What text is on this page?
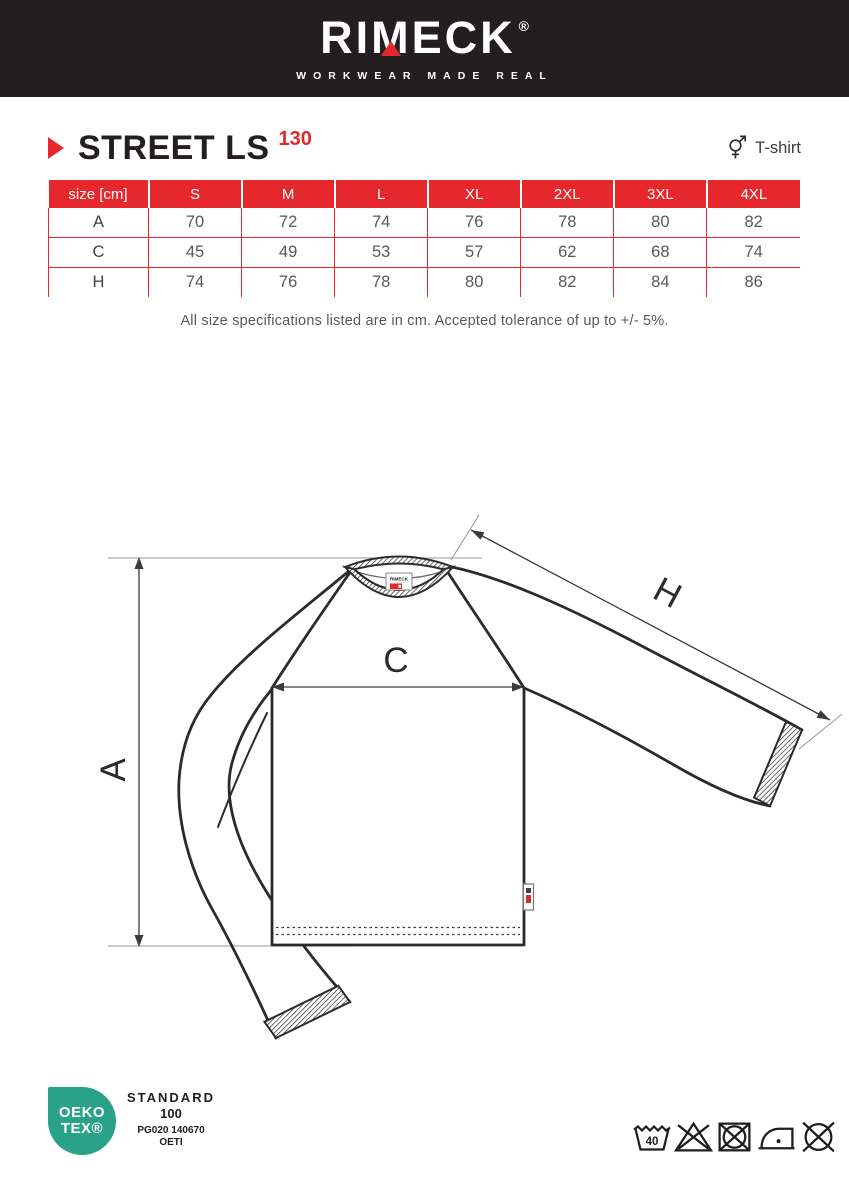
RIM
ECK ®
WORKWEAR MADE REAL
STREET LS 130	T-shirt
size [cm]	S	M	L	XL	2XL	3XL	4XL
A	70	72	74	76	78	80	82
C	45	49	53	57	62	68	74
H	74	76	78	80	82	84	86
All size specifications listed are in cm. Accepted tolerance of up to +/- 5%.
RIMECK
A
C
H
OEKO
TEX®
STANDARD
100
PG020 140670
OETI	40
